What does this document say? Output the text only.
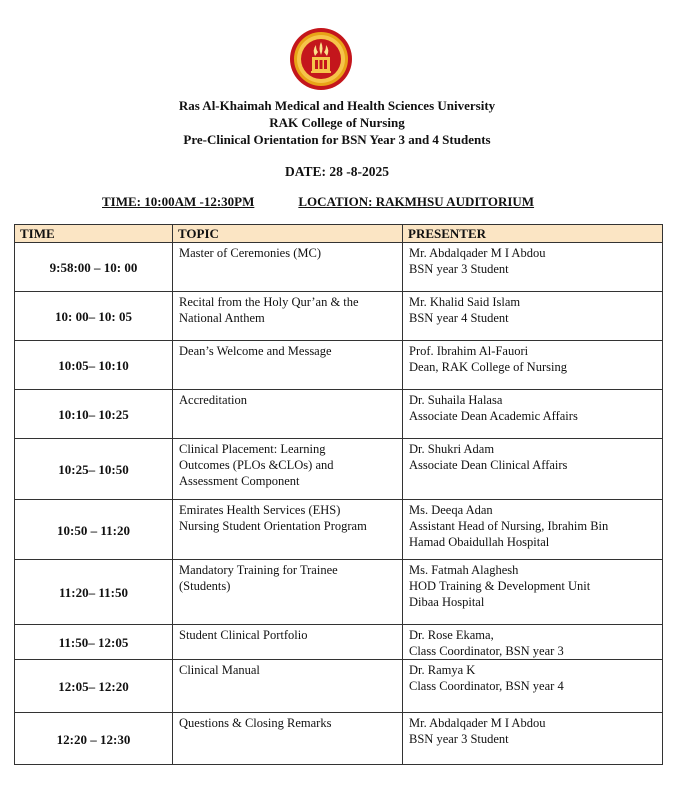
Ras Al-Khaimah Medical and Health Sciences University
RAK College of Nursing
Pre-Clinical Orientation for BSN Year 3 and 4 Students
DATE: 28 -8-2025
TIME: 10:00AM -12:30PM	LOCATION: RAKMHSU AUDITORIUM
TIME	TOPIC	PRESENTER
9:58:00 – 10: 00	Master of Ceremonies (MC)	Mr. Abdalqader M I Abdou
BSN year 3 Student

10: 00– 10: 05	Recital from the Holy Qur’an & the
National Anthem	Mr. Khalid Said Islam
BSN year 4 Student

10:05– 10:10	Dean’s Welcome and Message	Prof. Ibrahim Al-Fauori
Dean, RAK College of Nursing

10:10– 10:25	Accreditation	Dr. Suhaila Halasa
Associate Dean Academic Affairs

10:25– 10:50	Clinical Placement: Learning
Outcomes (PLOs &CLOs) and
Assessment Component	Dr. Shukri Adam
Associate Dean Clinical Affairs

10:50 – 11:20	Emirates Health Services (EHS)
Nursing Student Orientation Program	Ms. Deeqa Adan
Assistant Head of Nursing, Ibrahim Bin
Hamad Obaidullah Hospital

11:20– 11:50	Mandatory Training for Trainee
(Students)	Ms. Fatmah Alaghesh
HOD Training & Development Unit
Dibaa Hospital

11:50– 12:05	Student Clinical Portfolio	Dr. Rose Ekama,
Class Coordinator, BSN year 3

12:05– 12:20	Clinical Manual	Dr. Ramya K
Class Coordinator, BSN year 4

12:20 – 12:30	Questions & Closing Remarks	Mr. Abdalqader M I Abdou
BSN year 3 Student
